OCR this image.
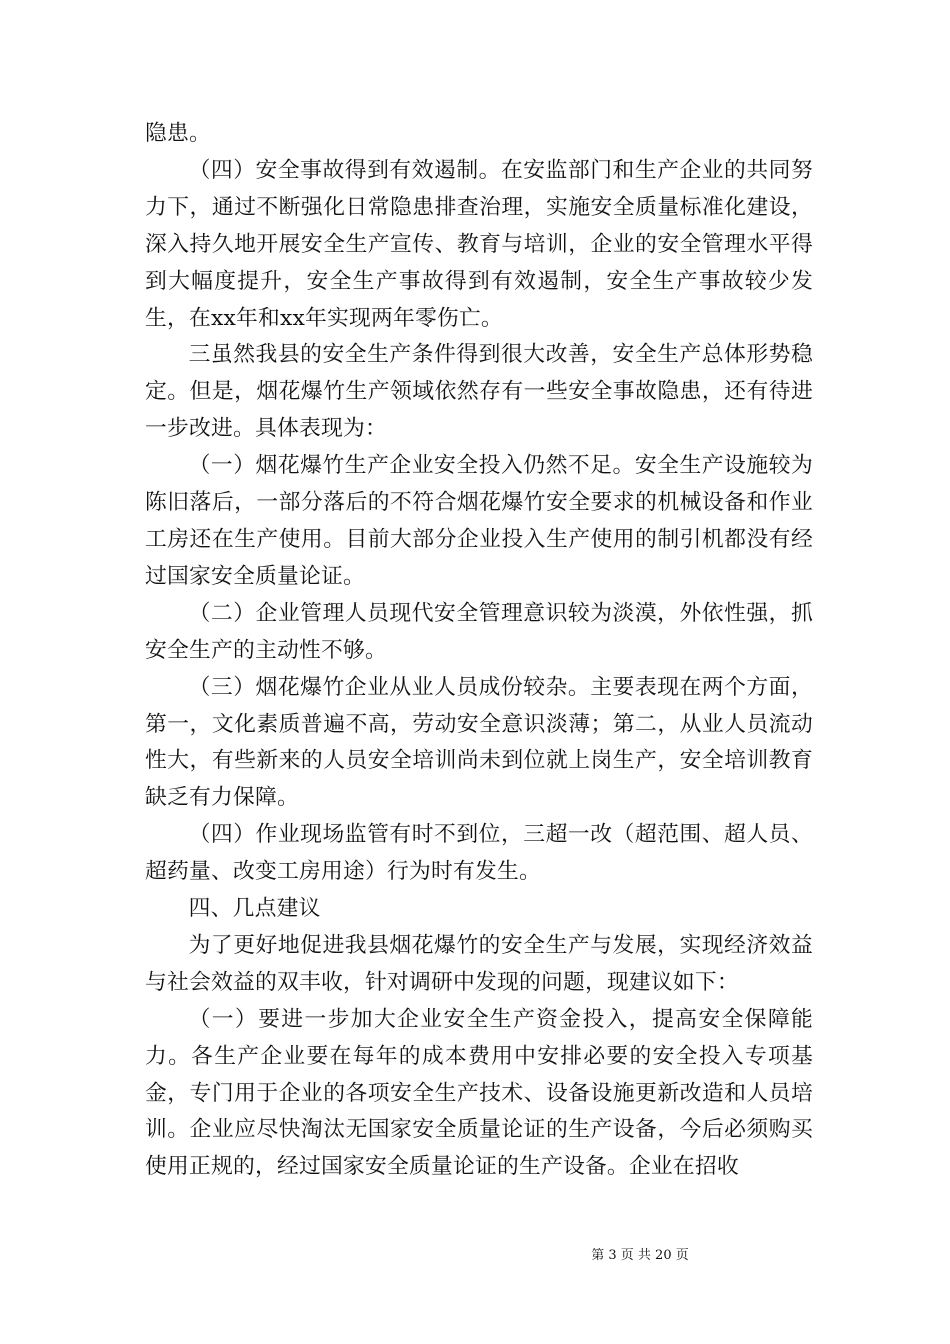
隐患。

（四）安全事故得到有效遏制。在安监部门和生产企业的共同努力下，通过不断强化日常隐患排查治理，实施安全质量标准化建设，深入持久地开展安全生产宣传、教育与培训，企业的安全管理水平得到大幅度提升，安全生产事故得到有效遏制，安全生产事故较少发生，在xx年和xx年实现两年零伤亡。

三虽然我县的安全生产条件得到很大改善，安全生产总体形势稳定。但是，烟花爆竹生产领域依然存有一些安全事故隐患，还有待进一步改进。具体表现为：

（一）烟花爆竹生产企业安全投入仍然不足。安全生产设施较为陈旧落后，一部分落后的不符合烟花爆竹安全要求的机械设备和作业工房还在生产使用。目前大部分企业投入生产使用的制引机都没有经过国家安全质量论证。

（二）企业管理人员现代安全管理意识较为淡漠，外依性强，抓安全生产的主动性不够。

（三）烟花爆竹企业从业人员成份较杂。主要表现在两个方面，第一，文化素质普遍不高，劳动安全意识淡薄；第二，从业人员流动性大，有些新来的人员安全培训尚未到位就上岗生产，安全培训教育缺乏有力保障。

（四）作业现场监管有时不到位，三超一改（超范围、超人员、超药量、改变工房用途）行为时有发生。

四、几点建议

为了更好地促进我县烟花爆竹的安全生产与发展，实现经济效益与社会效益的双丰收，针对调研中发现的问题，现建议如下：

（一）要进一步加大企业安全生产资金投入，提高安全保障能力。各生产企业要在每年的成本费用中安排必要的安全投入专项基金，专门用于企业的各项安全生产技术、设备设施更新改造和人员培训。企业应尽快淘汰无国家安全质量论证的生产设备，今后必须购买使用正规的，经过国家安全质量论证的生产设备。企业在招收

第 3 页 共 20 页
